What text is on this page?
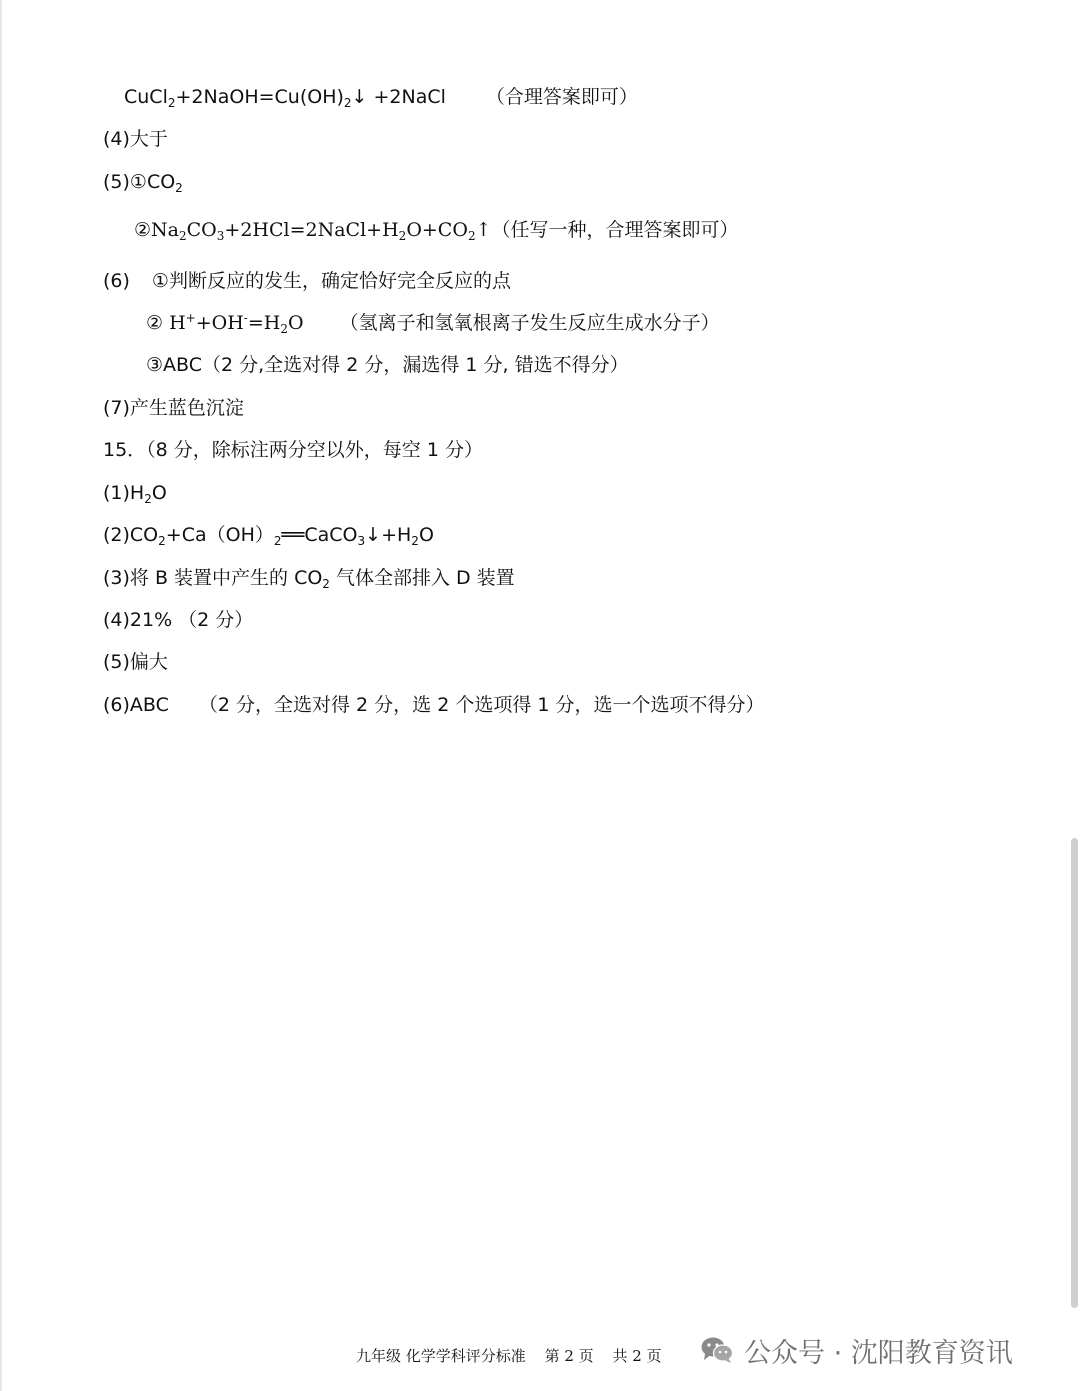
$CuCl_2+2NaOH=Cu(OH)_2↓$ +2NaCl （合理答案即可）
(4)大于
$(5)①CO_2$
$②Na_2CO_3+2HCl=2NaCl+H_2O+CO_2↑$（任写一种，合理答案即可）
(6) ①判断反应的发生，确定恰好完全反应的点
② $H^++OH^-=H_2O$ （氢离子和氢氧根离子发生反应生成水分子）
③ABC（2 分,全选对得 2 分，漏选得 1 分, 错选不得分）
(7)产生蓝色沉淀
15．（8 分，除标注两分空以外，每空 1 分）
$(1)H_2O$
$(2)CO_2+Ca(OH)_2══CaCO_3↓+H_2O$
(3)将 B 装置中产生的 $CO_2$ 气体全部排入 D 装置
(4)21% （2 分）
(5)偏大
(6)ABC （2 分，全选对得 2 分，选 2 个选项得 1 分，选一个选项不得分）
九年级 化学学科评分标准 第 2 页 共 2 页	公众号 · 沈阳教育资讯
